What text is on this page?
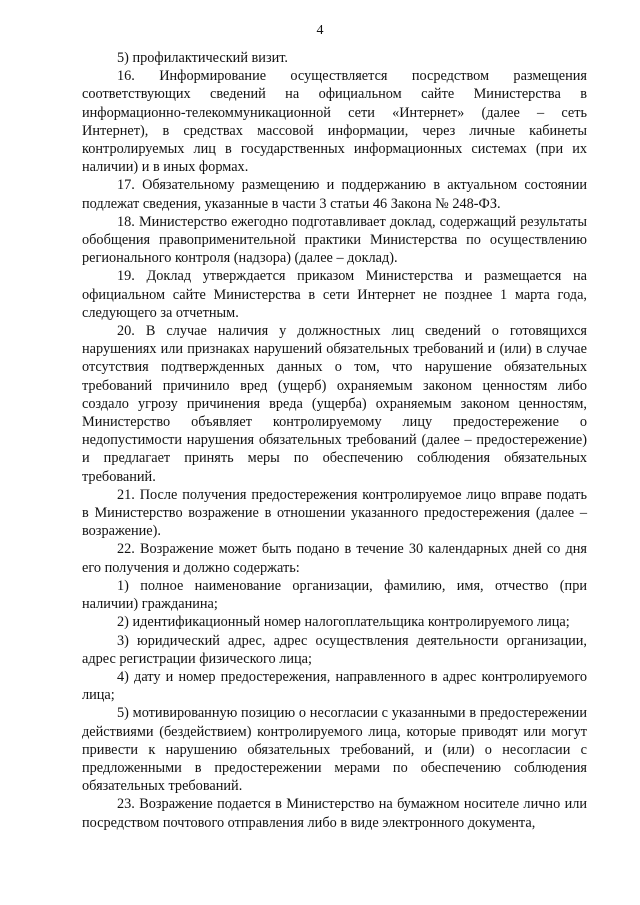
4

5) профилактический визит.

16. Информирование осуществляется посредством размещения соответствующих сведений на официальном сайте Министерства в информационно-телекоммуникационной сети «Интернет» (далее – сеть Интернет), в средствах массовой информации, через личные кабинеты контролируемых лиц в государственных информационных системах (при их наличии) и в иных формах.

17. Обязательному размещению и поддержанию в актуальном состоянии подлежат сведения, указанные в части 3 статьи 46 Закона № 248-ФЗ.

18. Министерство ежегодно подготавливает доклад, содержащий результаты обобщения правоприменительной практики Министерства по осуществлению регионального контроля (надзора) (далее – доклад).

19. Доклад утверждается приказом Министерства и размещается на официальном сайте Министерства в сети Интернет не позднее 1 марта года, следующего за отчетным.

20. В случае наличия у должностных лиц сведений о готовящихся нарушениях или признаках нарушений обязательных требований и (или) в случае отсутствия подтвержденных данных о том, что нарушение обязательных требований причинило вред (ущерб) охраняемым законом ценностям либо создало угрозу причинения вреда (ущерба) охраняемым законом ценностям, Министерство объявляет контролируемому лицу предостережение о недопустимости нарушения обязательных требований (далее – предостережение) и предлагает принять меры по обеспечению соблюдения обязательных требований.

21. После получения предостережения контролируемое лицо вправе подать в Министерство возражение в отношении указанного предостережения (далее – возражение).

22. Возражение может быть подано в течение 30 календарных дней со дня его получения и должно содержать:

1) полное наименование организации, фамилию, имя, отчество (при наличии) гражданина;

2) идентификационный номер налогоплательщика контролируемого лица;

3) юридический адрес, адрес осуществления деятельности организации, адрес регистрации физического лица;

4) дату и номер предостережения, направленного в адрес контролируемого лица;

5) мотивированную позицию о несогласии с указанными в предостережении действиями (бездействием) контролируемого лица, которые приводят или могут привести к нарушению обязательных требований, и (или) о несогласии с предложенными в предостережении мерами по обеспечению соблюдения обязательных требований.

23. Возражение подается в Министерство на бумажном носителе лично или посредством почтового отправления либо в виде электронного документа,
